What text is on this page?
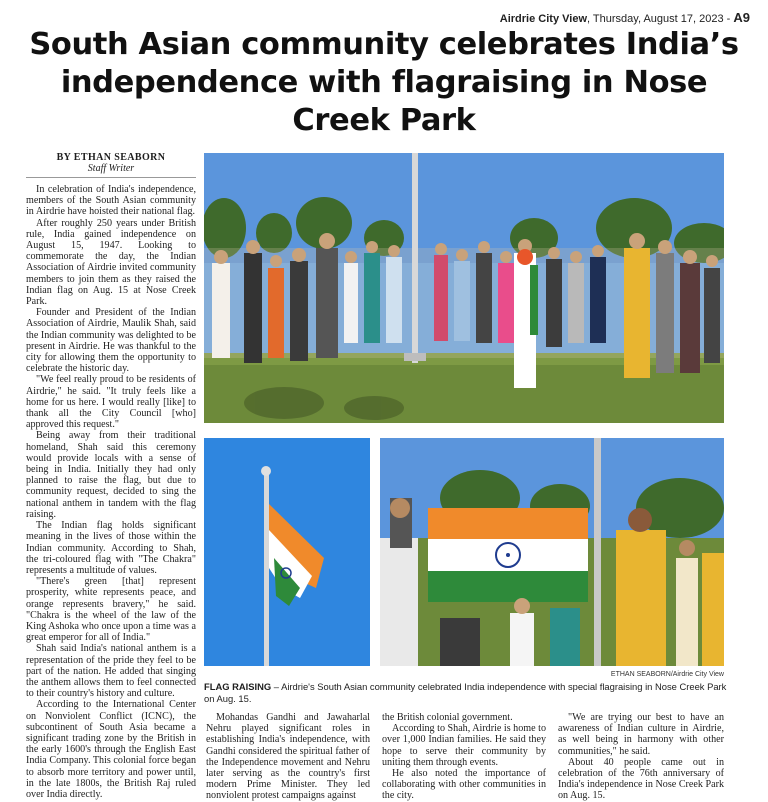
Airdrie City View, Thursday, August 17, 2023 - A9
South Asian community celebrates India’s independence with flagraising in Nose Creek Park
BY ETHAN SEABORN
Staff Writer

In celebration of India's independence, members of the South Asian community in Airdrie have hoisted their national flag.

After roughly 250 years under British rule, India gained independence on August 15, 1947. Looking to commemorate the day, the Indian Association of Airdrie invited community members to join them as they raised the Indian flag on Aug. 15 at Nose Creek Park.

Founder and President of the Indian Association of Airdrie, Maulik Shah, said the Indian community was delighted to be present in Airdrie. He was thankful to the city for allowing them the opportunity to celebrate the historic day.

"We feel really proud to be residents of Airdrie," he said. "It truly feels like a home for us here. I would really [like] to thank all the City Council [who] approved this request."

Being away from their traditional homeland, Shah said this ceremony would provide locals with a sense of being in India. Initially they had only planned to raise the flag, but due to community request, decided to sing the national anthem in tandem with the flag raising.

The Indian flag holds significant meaning in the lives of those within the Indian community. According to Shah, the tri-coloured flag with "The Chakra" represents a multitude of values.

"There's green [that] represent prosperity, white represents peace, and orange represents bravery," he said. "Chakra is the wheel of the law of the King Ashoka who once upon a time was a great emperor for all of India."

Shah said India's national anthem is a representation of the pride they feel to be part of the nation. He added that singing the anthem allows them to feel connected to their country's history and culture.

According to the International Center on Nonviolent Conflict (ICNC), the subcontinent of South Asia became a significant trading zone by the British in the early 1600's through the English East India Company. This colonial force began to absorb more territory and power until, in the late 1800s, the British Raj ruled over India directly.

ETHAN SEABORN/Airdrie City View
FLAG RAISING – Airdrie's South Asian community celebrated India independence with special flagraising in Nose Creek Park on Aug. 15.

Mohandas Gandhi and Jawaharlal Nehru played significant roles in establishing India's independence, with Gandhi considered the spiritual father of the Independence movement and Nehru later serving as the country's first modern Prime Minister. They led nonviolent protest campaigns against

the British colonial government.

According to Shah, Airdrie is home to over 1,000 Indian families. He said they hope to serve their community by uniting them through events.

He also noted the importance of collaborating with other communities in the city.

"We are trying our best to have an awareness of Indian culture in Airdrie, as well being in harmony with other communities," he said.

About 40 people came out in celebration of the 76th anniversary of India's independence in Nose Creek Park on Aug. 15.
